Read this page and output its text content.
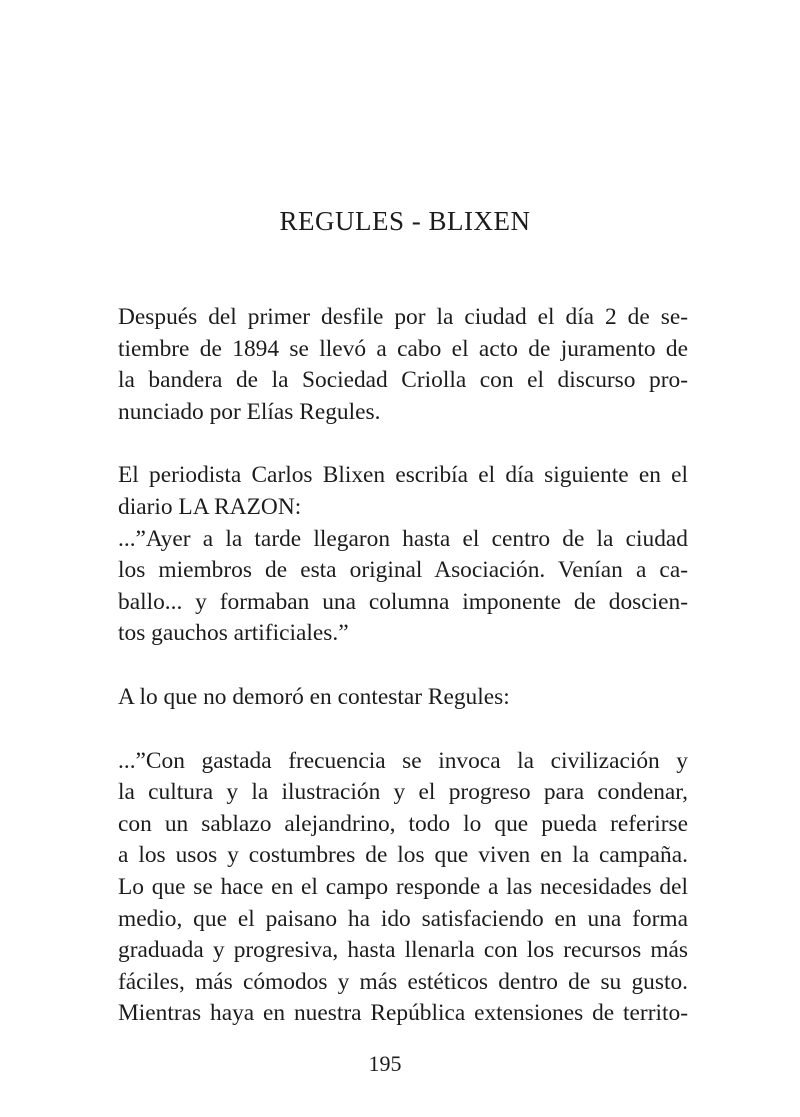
REGULES - BLIXEN

Después del primer desfile por la ciudad el día 2 de se-
tiembre de 1894 se llevó a cabo el acto de juramento de
la bandera de la Sociedad Criolla con el discurso pro-
nunciado por Elías Regules.

El periodista Carlos Blixen escribía el día siguiente en el
diario LA RAZON:
...”Ayer a la tarde llegaron hasta el centro de la ciudad
los miembros de esta original Asociación. Venían a ca-
ballo... y formaban una columna imponente de doscien-
tos gauchos artificiales.”

A lo que no demoró en contestar Regules:

...”Con gastada frecuencia se invoca la civilización y
la cultura y la ilustración y el progreso para condenar,
con un sablazo alejandrino, todo lo que pueda referirse
a los usos y costumbres de los que viven en la campaña.
Lo que se hace en el campo responde a las necesidades del
medio, que el paisano ha ido satisfaciendo en una forma
graduada y progresiva, hasta llenarla con los recursos más
fáciles, más cómodos y más estéticos dentro de su gusto.
Mientras haya en nuestra República extensiones de territo-

195
